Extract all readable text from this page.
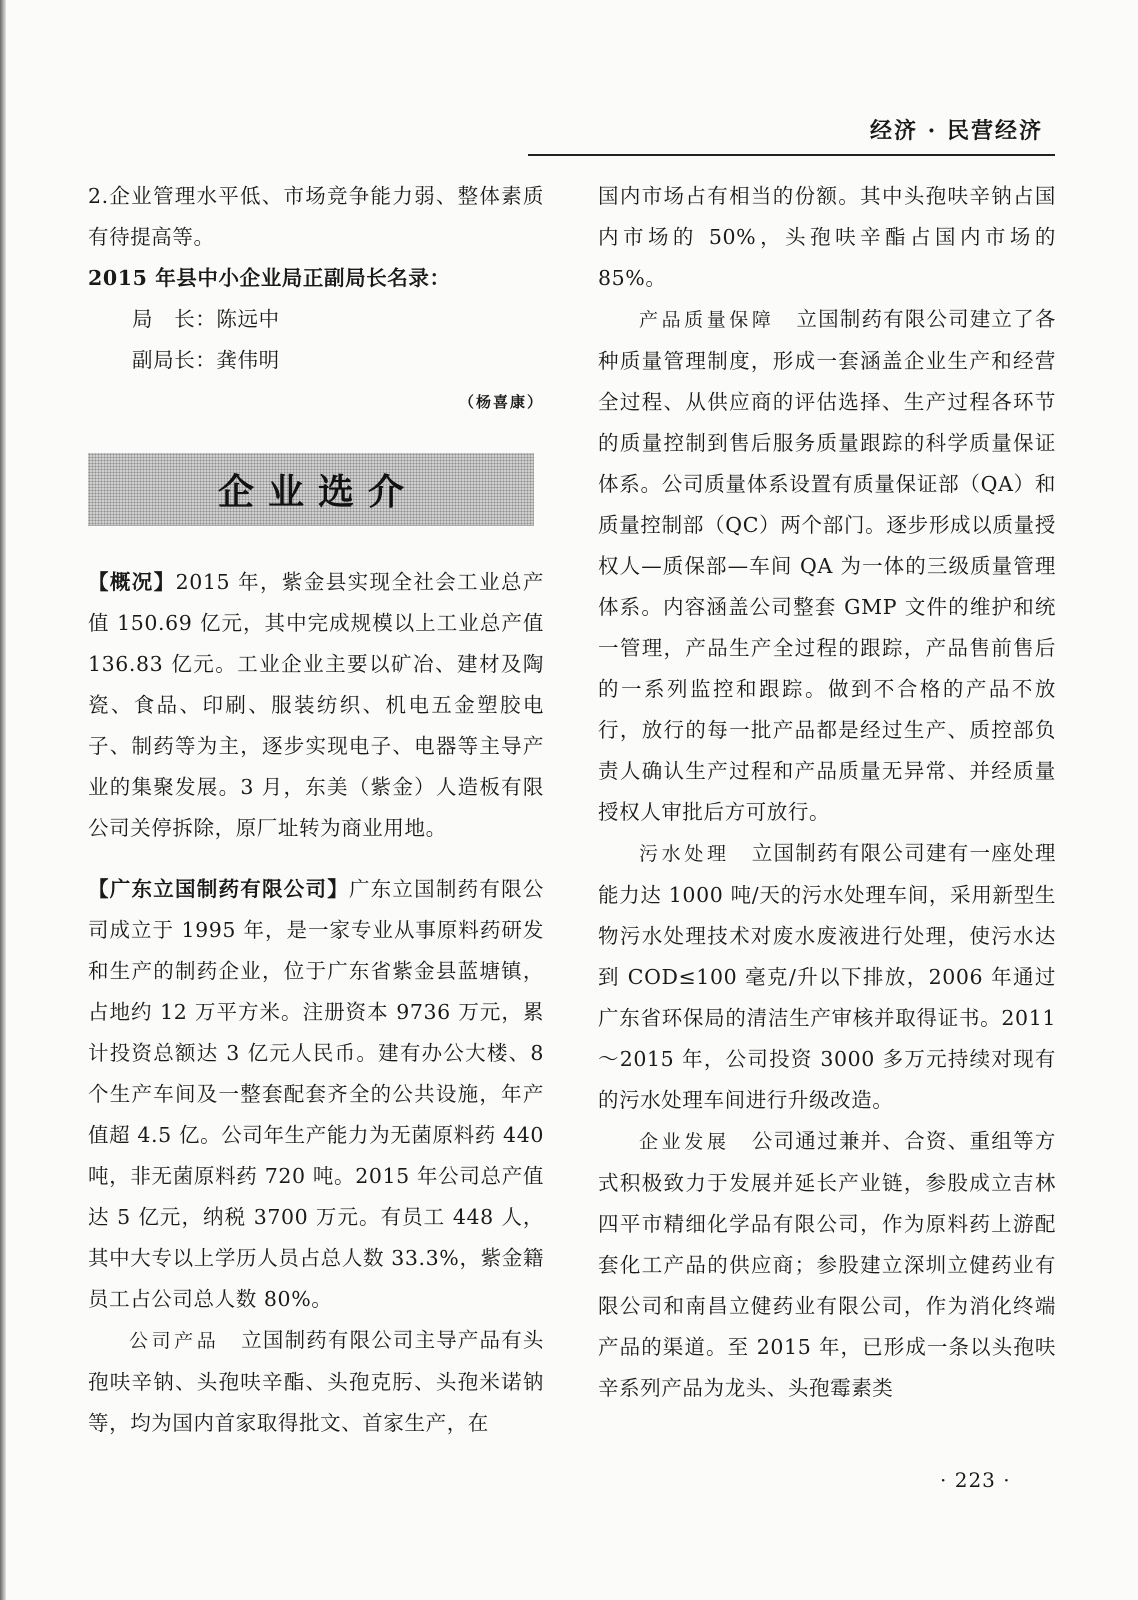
经济 · 民营经济

2.企业管理水平低、市场竞争能力弱、整体素质有待提高等。

2015 年县中小企业局正副局长名录：

局　长：陈远中

副局长：龚伟明

（杨喜康）

企业选介

【概况】2015 年，紫金县实现全社会工业总产值 150.69 亿元，其中完成规模以上工业总产值 136.83 亿元。工业企业主要以矿冶、建材及陶瓷、食品、印刷、服装纺织、机电五金塑胶电子、制药等为主，逐步实现电子、电器等主导产业的集聚发展。3 月，东美（紫金）人造板有限公司关停拆除，原厂址转为商业用地。

【广东立国制药有限公司】广东立国制药有限公司成立于 1995 年，是一家专业从事原料药研发和生产的制药企业，位于广东省紫金县蓝塘镇，占地约 12 万平方米。注册资本 9736 万元，累计投资总额达 3 亿元人民币。建有办公大楼、8 个生产车间及一整套配套齐全的公共设施，年产值超 4.5 亿。公司年生产能力为无菌原料药 440 吨，非无菌原料药 720 吨。2015 年公司总产值达 5 亿元，纳税 3700 万元。有员工 448 人，其中大专以上学历人员占总人数 33.3%，紫金籍员工占公司总人数 80%。

公司产品 立国制药有限公司主导产品有头孢呋辛钠、头孢呋辛酯、头孢克肟、头孢米诺钠等，均为国内首家取得批文、首家生产，在

国内市场占有相当的份额。其中头孢呋辛钠占国内市场的 50%，头孢呋辛酯占国内市场的 85%。

产品质量保障 立国制药有限公司建立了各种质量管理制度，形成一套涵盖企业生产和经营全过程、从供应商的评估选择、生产过程各环节的质量控制到售后服务质量跟踪的科学质量保证体系。公司质量体系设置有质量保证部（QA）和质量控制部（QC）两个部门。逐步形成以质量授权人—质保部—车间 QA 为一体的三级质量管理体系。内容涵盖公司整套 GMP 文件的维护和统一管理，产品生产全过程的跟踪，产品售前售后的一系列监控和跟踪。做到不合格的产品不放行，放行的每一批产品都是经过生产、质控部负责人确认生产过程和产品质量无异常、并经质量授权人审批后方可放行。

污水处理 立国制药有限公司建有一座处理能力达 1000 吨/天的污水处理车间，采用新型生物污水处理技术对废水废液进行处理，使污水达到 COD≤100 毫克/升以下排放，2006 年通过广东省环保局的清洁生产审核并取得证书。2011～2015 年，公司投资 3000 多万元持续对现有的污水处理车间进行升级改造。

企业发展 公司通过兼并、合资、重组等方式积极致力于发展并延长产业链，参股成立吉林四平市精细化学品有限公司，作为原料药上游配套化工产品的供应商；参股建立深圳立健药业有限公司和南昌立健药业有限公司，作为消化终端产品的渠道。至 2015 年，已形成一条以头孢呋辛系列产品为龙头、头孢霉素类

· 223 ·
